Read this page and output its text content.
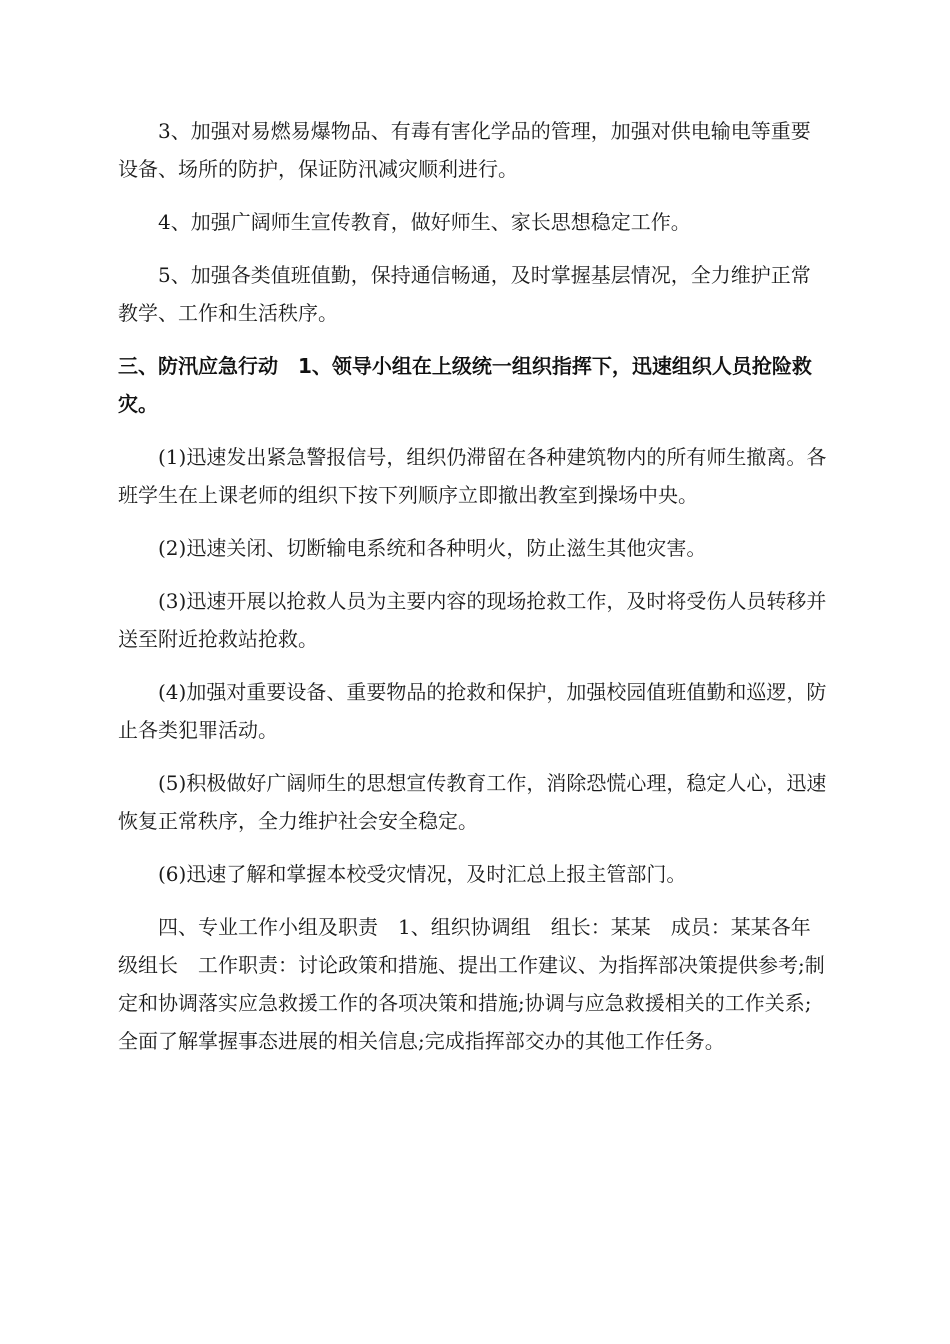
3、加强对易燃易爆物品、有毒有害化学品的管理，加强对供电输电等重要设备、场所的防护，保证防汛减灾顺利进行。

4、加强广阔师生宣传教育，做好师生、家长思想稳定工作。

5、加强各类值班值勤，保持通信畅通，及时掌握基层情况，全力维护正常教学、工作和生活秩序。

三、防汛应急行动　1、领导小组在上级统一组织指挥下，迅速组织人员抢险救灾。

(1)迅速发出紧急警报信号，组织仍滞留在各种建筑物内的所有师生撤离。各班学生在上课老师的组织下按下列顺序立即撤出教室到操场中央。

(2)迅速关闭、切断输电系统和各种明火，防止滋生其他灾害。

(3)迅速开展以抢救人员为主要内容的现场抢救工作，及时将受伤人员转移并送至附近抢救站抢救。

(4)加强对重要设备、重要物品的抢救和保护，加强校园值班值勤和巡逻，防止各类犯罪活动。

(5)积极做好广阔师生的思想宣传教育工作，消除恐慌心理，稳定人心，迅速恢复正常秩序，全力维护社会安全稳定。

(6)迅速了解和掌握本校受灾情况，及时汇总上报主管部门。

四、专业工作小组及职责　1、组织协调组　组长：某某　成员：某某各年级组长　工作职责：讨论政策和措施、提出工作建议、为指挥部决策提供参考;制定和协调落实应急救援工作的各项决策和措施;协调与应急救援相关的工作关系;全面了解掌握事态进展的相关信息;完成指挥部交办的其他工作任务。
